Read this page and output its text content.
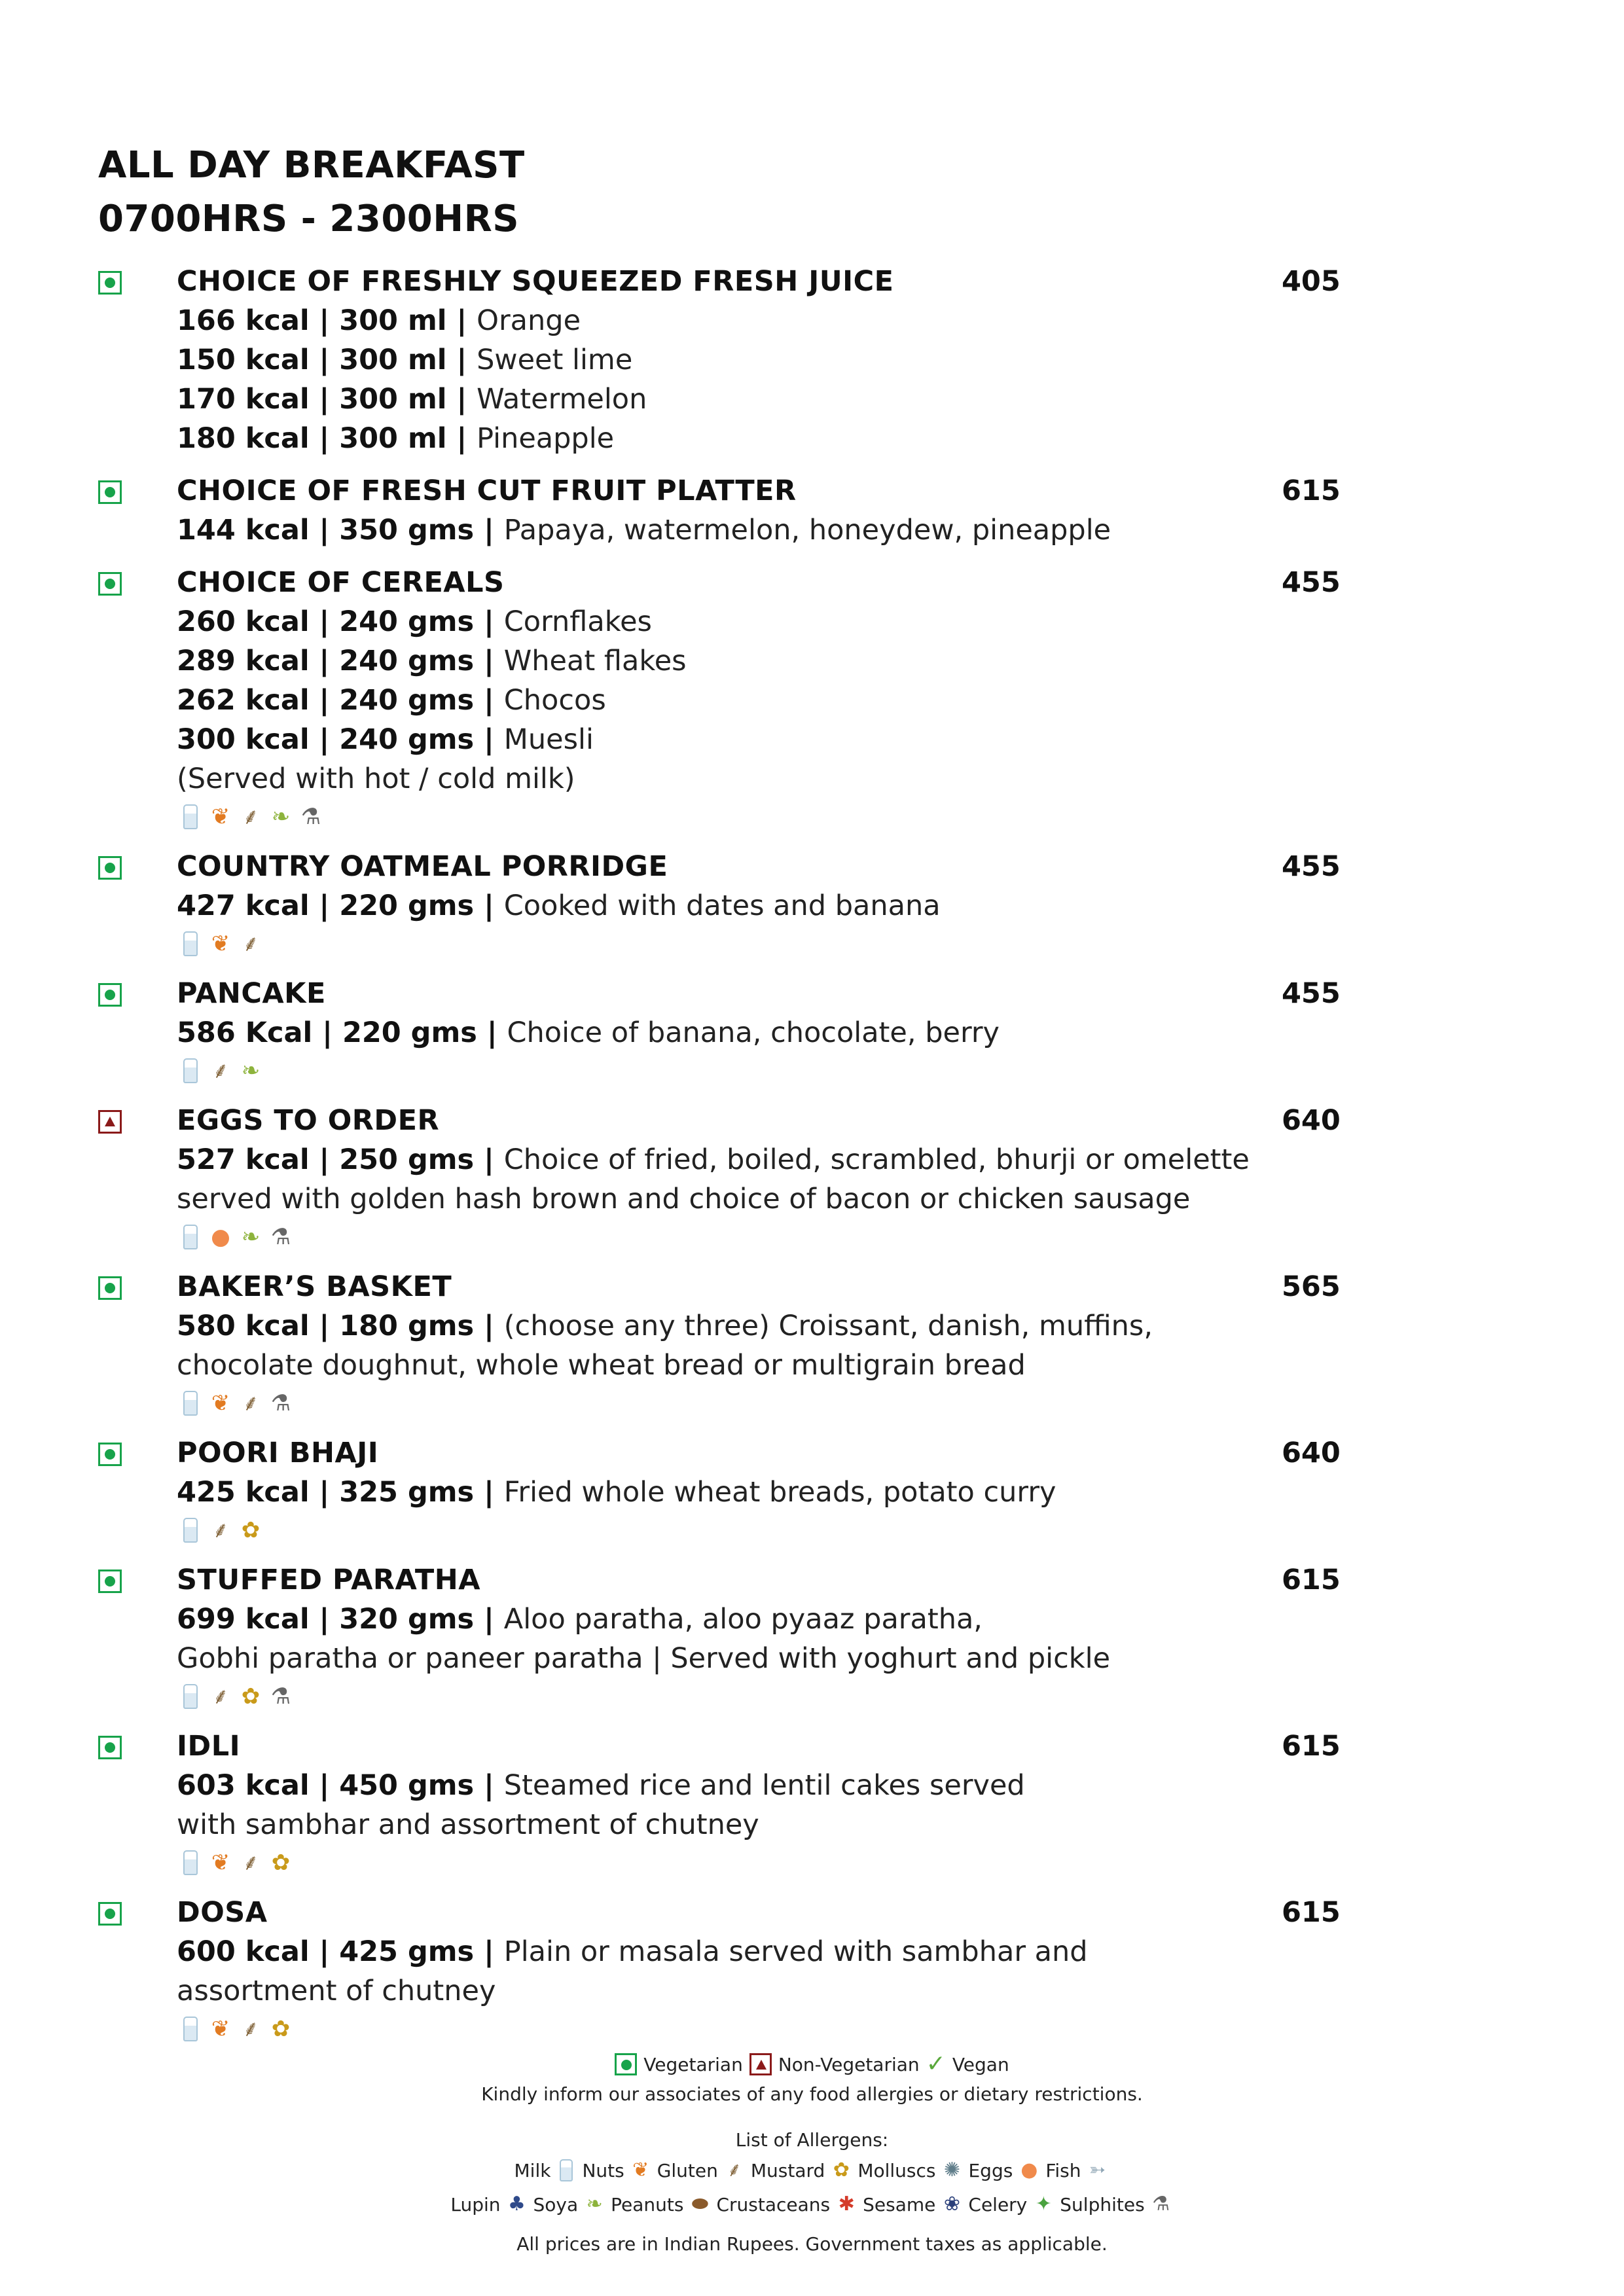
ALL DAY BREAKFAST
0700HRS - 2300HRS
CHOICE OF FRESHLY SQUEEZED FRESH JUICE	405
166 kcal | 300 ml | Orange
150 kcal | 300 ml | Sweet lime
170 kcal | 300 ml | Watermelon
180 kcal | 300 ml | Pineapple
CHOICE OF FRESH CUT FRUIT PLATTER	615
144 kcal | 350 gms | Papaya, watermelon, honeydew, pineapple
CHOICE OF CEREALS	455
260 kcal | 240 gms | Cornflakes
289 kcal | 240 gms | Wheat flakes
262 kcal | 240 gms | Chocos
300 kcal | 240 gms | Muesli
(Served with hot / cold milk)
❦ ⸙ ❧ ⚗
COUNTRY OATMEAL PORRIDGE	455
427 kcal | 220 gms | Cooked with dates and banana
❦ ⸙
PANCAKE	455
586 Kcal | 220 gms | Choice of banana, chocolate, berry
⸙ ❧
EGGS TO ORDER	640
527 kcal | 250 gms | Choice of fried, boiled, scrambled, bhurji or omelette
served with golden hash brown and choice of bacon or chicken sausage
● ❧ ⚗
BAKER’S BASKET	565
580 kcal | 180 gms | (choose any three) Croissant, danish, muffins,
chocolate doughnut, whole wheat bread or multigrain bread
❦ ⸙ ⚗
POORI BHAJI	640
425 kcal | 325 gms | Fried whole wheat breads, potato curry
⸙ ✿
STUFFED PARATHA	615
699 kcal | 320 gms | Aloo paratha, aloo pyaaz paratha,
Gobhi paratha or paneer paratha | Served with yoghurt and pickle
⸙ ✿ ⚗
IDLI	615
603 kcal | 450 gms | Steamed rice and lentil cakes served
with sambhar and assortment of chutney
❦ ⸙ ✿
DOSA	615
600 kcal | 425 gms | Plain or masala served with sambhar and
assortment of chutney
❦ ⸙ ✿
Vegetarian Non-Vegetarian ✓ Vegan
Kindly inform our associates of any food allergies or dietary restrictions.
List of Allergens:
Milk Nuts ❦ Gluten ⸙ Mustard ✿ Molluscs ✺ Eggs ● Fish ➳
Lupin ♣ Soya ❧ Peanuts ⬬ Crustaceans ✱ Sesame ❀ Celery ✦ Sulphites ⚗
All prices are in Indian Rupees. Government taxes as applicable.
